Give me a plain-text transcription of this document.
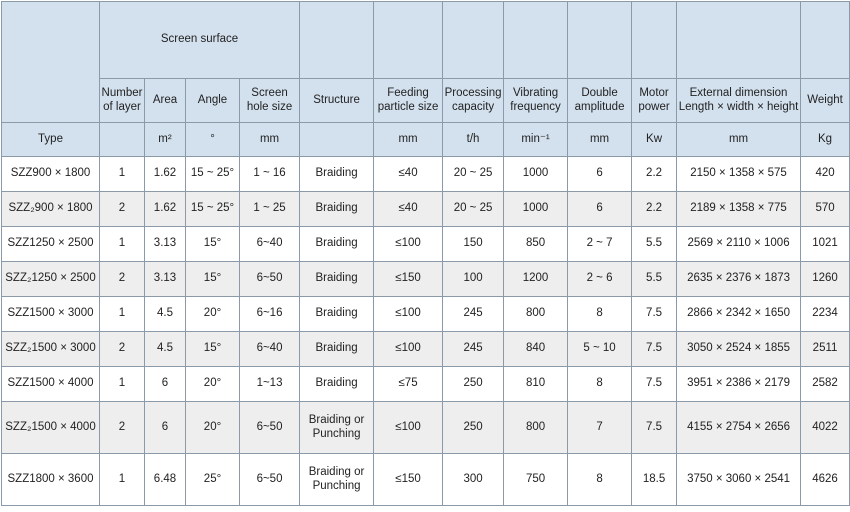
	Screen surface											
	Number of layer	Area	Angle	Screen hole size	Structure	Feeding particle size	Processing capacity	Vibrating frequency	Double amplitude	Motor power	External dimension Length × width × height	Weight
Type		m²	°	mm		mm	t/h	min⁻¹	mm	Kw	mm	Kg
SZZ900 × 1800	1	1.62	15 ~ 25°	1 ~ 16	Braiding	≤40	20 ~ 25	1000	6	2.2	2150 × 1358 × 575	420
SZZ₂900 × 1800	2	1.62	15 ~ 25°	1 ~ 25	Braiding	≤40	20 ~ 25	1000	6	2.2	2189 × 1358 × 775	570
SZZ1250 × 2500	1	3.13	15°	6~40	Braiding	≤100	150	850	2 ~ 7	5.5	2569 × 2110 × 1006	1021
SZZ₂1250 × 2500	2	3.13	15°	6~50	Braiding	≤150	100	1200	2 ~ 6	5.5	2635 × 2376 × 1873	1260
SZZ1500 × 3000	1	4.5	20°	6~16	Braiding	≤100	245	800	8	7.5	2866 × 2342 × 1650	2234
SZZ₂1500 × 3000	2	4.5	15°	6~40	Braiding	≤100	245	840	5 ~ 10	7.5	3050 × 2524 × 1855	2511
SZZ1500 × 4000	1	6	20°	1~13	Braiding	≤75	250	810	8	7.5	3951 × 2386 × 2179	2582
SZZ₂1500 × 4000	2	6	20°	6~50	Braiding or Punching	≤100	250	800	7	7.5	4155 × 2754 × 2656	4022
SZZ1800 × 3600	1	6.48	25°	6~50	Braiding or Punching	≤150	300	750	8	18.5	3750 × 3060 × 2541	4626
